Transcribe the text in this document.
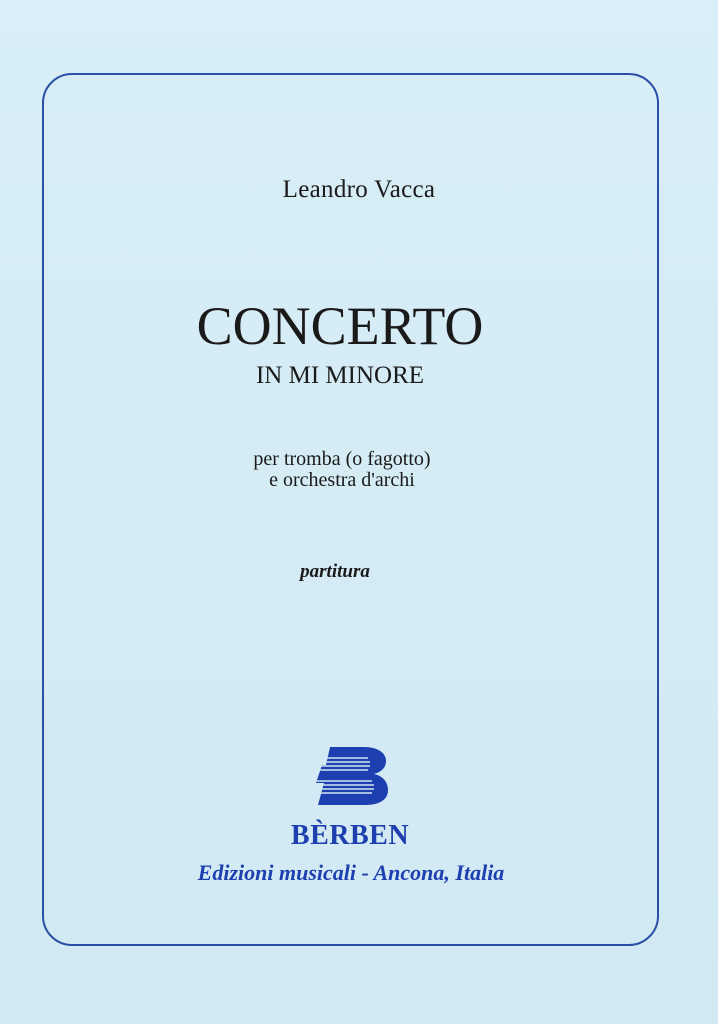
Leandro Vacca
CONCERTO
IN MI MINORE
per tromba (o fagotto)
e orchestra d'archi
partitura
BÈRBEN
Edizioni musicali - Ancona, Italia
